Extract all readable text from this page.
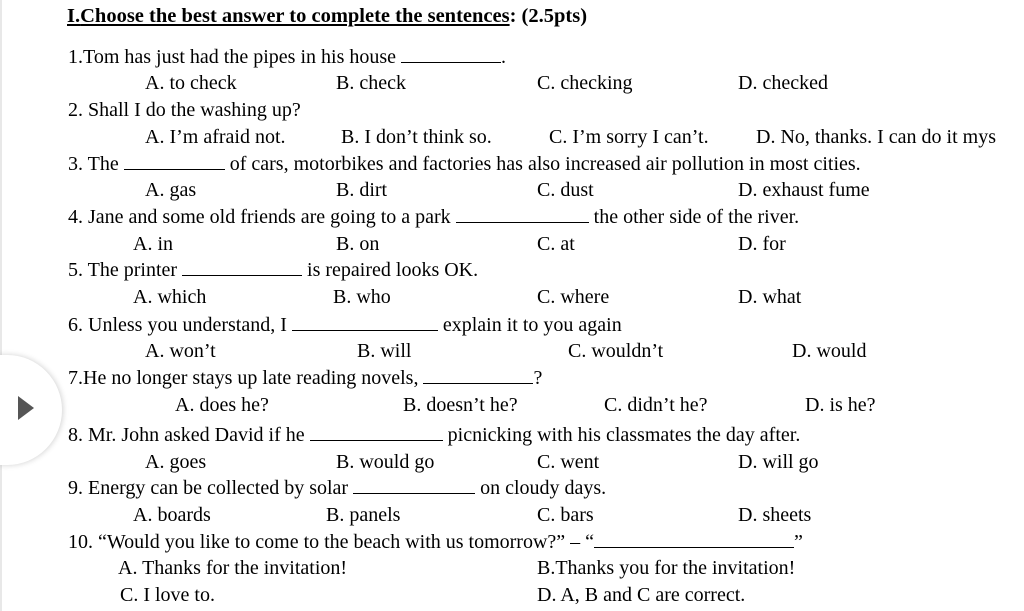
I.Choose the best answer to complete the sentences: (2.5pts)
1.Tom has just had the pipes in his house	.
A. to check	B. check	C. checking	D. checked
2. Shall I do the washing up?
A. I’m afraid not.	B. I don’t think so.	C. I’m sorry I can’t. D. No, thanks. I can do it mys
3. The	of cars, motorbikes and factories has also increased air pollution in most cities.
A. gas	B. dirt	C. dust	D. exhaust fume
4. Jane and some old friends are going to a park	the other side of the river.
A. in	B. on	C. at	D. for
5. The printer	is repaired looks OK.
A. which	B. who	C. where	D. what
6. Unless you understand, I	explain it to you again
A. won’t	B. will	C. wouldn’t	D. would
7.He no longer stays up late reading novels,	?
A. does he?	B. doesn’t he?	C. didn’t he?	D. is he?
8. Mr. John asked David if he	picnicking with his classmates the day after.
A. goes	B. would go	C. went	D. will go
9. Energy can be collected by solar	on cloudy days.
A. boards	B. panels	C. bars	D. sheets
10. “Would you like to come to the beach with us tomorrow?” – “	”
A. Thanks for the invitation!	B.Thanks you for the invitation!
C. I love to.	D. A, B and C are correct.
